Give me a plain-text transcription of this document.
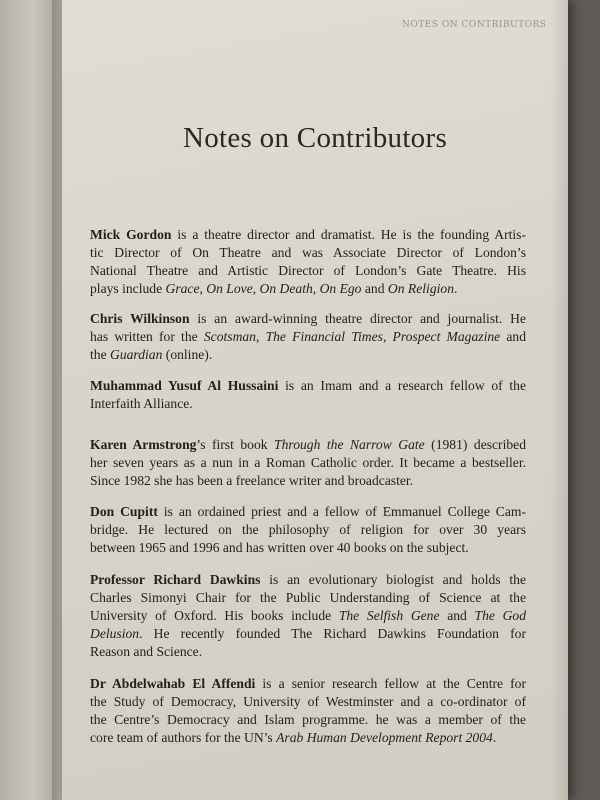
NOTES ON CONTRIBUTORS
Notes on Contributors
Mick Gordon is a theatre director and dramatist. He is the founding Artis-
tic Director of On Theatre and was Associate Director of London’s
National Theatre and Artistic Director of London’s Gate Theatre. His
plays include Grace, On Love, On Death, On Ego and On Religion.
Chris Wilkinson is an award-winning theatre director and journalist. He
has written for the Scotsman, The Financial Times, Prospect Magazine and
the Guardian (online).
Muhammad Yusuf Al Hussaini is an Imam and a research fellow of the
Interfaith Alliance.
Karen Armstrong’s first book Through the Narrow Gate (1981) described
her seven years as a nun in a Roman Catholic order. It became a bestseller.
Since 1982 she has been a freelance writer and broadcaster.
Don Cupitt is an ordained priest and a fellow of Emmanuel College Cam-
bridge. He lectured on the philosophy of religion for over 30 years
between 1965 and 1996 and has written over 40 books on the subject.
Professor Richard Dawkins is an evolutionary biologist and holds the
Charles Simonyi Chair for the Public Understanding of Science at the
University of Oxford. His books include The Selfish Gene and The God
Delusion. He recently founded The Richard Dawkins Foundation for
Reason and Science.
Dr Abdelwahab El Affendi is a senior research fellow at the Centre for
the Study of Democracy, University of Westminster and a co-ordinator of
the Centre’s Democracy and Islam programme. he was a member of the
core team of authors for the UN’s Arab Human Development Report 2004.
